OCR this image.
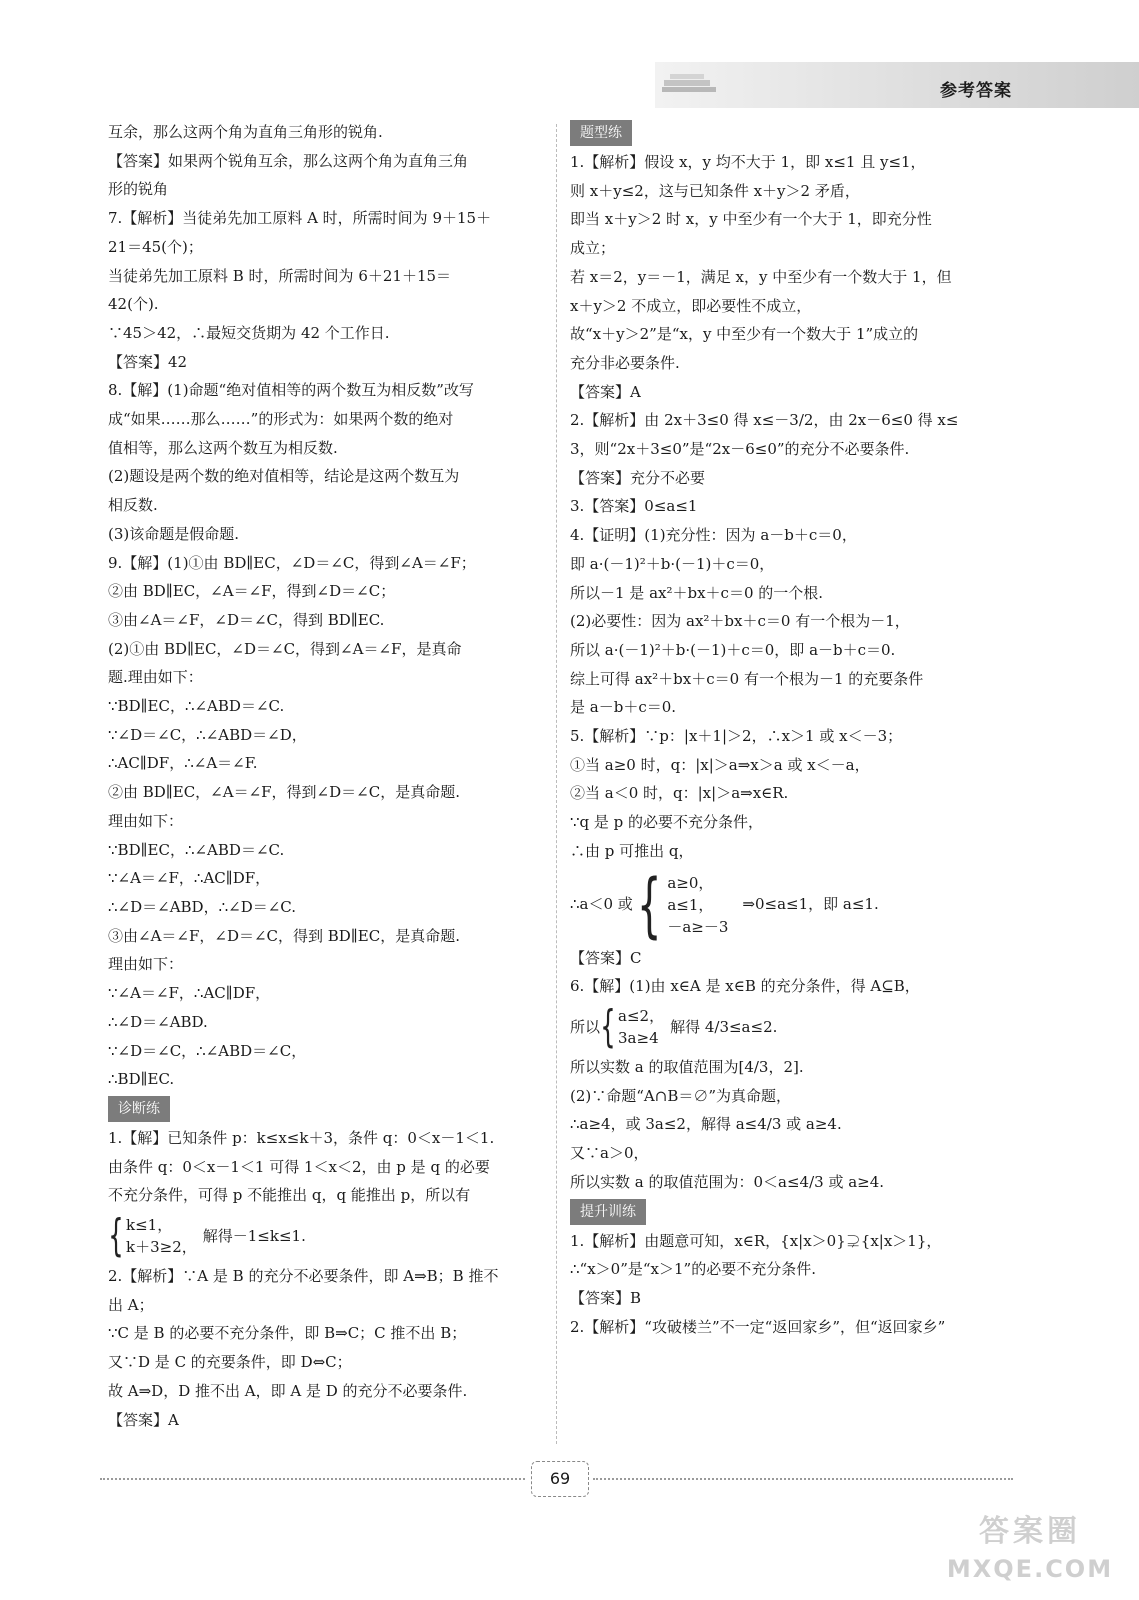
参考答案
互余，那么这两个角为直角三角形的锐角.
【答案】如果两个锐角互余，那么这两个角为直角三角
形的锐角
7.【解析】当徒弟先加工原料 A 时，所需时间为 9＋15＋
21＝45(个)；
当徒弟先加工原料 B 时，所需时间为 6＋21＋15＝
42(个).
∵45＞42，∴最短交货期为 42 个工作日.
【答案】42
8.【解】(1)命题“绝对值相等的两个数互为相反数”改写
成“如果……那么……”的形式为：如果两个数的绝对
值相等，那么这两个数互为相反数.
(2)题设是两个数的绝对值相等，结论是这两个数互为
相反数.
(3)该命题是假命题.
9.【解】(1)①由 BD∥EC，∠D＝∠C，得到∠A＝∠F；
②由 BD∥EC，∠A＝∠F，得到∠D＝∠C；
③由∠A＝∠F，∠D＝∠C，得到 BD∥EC.
(2)①由 BD∥EC，∠D＝∠C，得到∠A＝∠F，是真命
题.理由如下：
∵BD∥EC，∴∠ABD＝∠C.
∵∠D＝∠C，∴∠ABD＝∠D，
∴AC∥DF，∴∠A＝∠F.
②由 BD∥EC，∠A＝∠F，得到∠D＝∠C，是真命题.
理由如下：
∵BD∥EC，∴∠ABD＝∠C.
∵∠A＝∠F，∴AC∥DF，
∴∠D＝∠ABD，∴∠D＝∠C.
③由∠A＝∠F，∠D＝∠C，得到 BD∥EC，是真命题.
理由如下：
∵∠A＝∠F，∴AC∥DF，
∴∠D＝∠ABD.
∵∠D＝∠C，∴∠ABD＝∠C，
∴BD∥EC.
诊断练
1.【解】已知条件 p：k≤x≤k＋3，条件 q：0＜x－1＜1.
由条件 q：0＜x－1＜1 可得 1＜x＜2，由 p 是 q 的必要
不充分条件，可得 p 不能推出 q，q 能推出 p，所以有
{ k≤1，
k＋3≥2，
解得－1≤k≤1.
2.【解析】∵A 是 B 的充分不必要条件，即 A⇒B；B 推不
出 A；
∵C 是 B 的必要不充分条件，即 B⇒C；C 推不出 B；
又∵D 是 C 的充要条件，即 D⇔C；
故 A⇒D，D 推不出 A，即 A 是 D 的充分不必要条件.
【答案】A
题型练
1.【解析】假设 x，y 均不大于 1，即 x≤1 且 y≤1，
则 x＋y≤2，这与已知条件 x＋y＞2 矛盾，
即当 x＋y＞2 时 x，y 中至少有一个大于 1，即充分性
成立；
若 x＝2，y＝－1，满足 x，y 中至少有一个数大于 1，但
x＋y＞2 不成立，即必要性不成立，
故“x＋y＞2”是“x，y 中至少有一个数大于 1”成立的
充分非必要条件.
【答案】A
2.【解析】由 2x＋3≤0 得 x≤－3/2，由 2x－6≤0 得 x≤
3，则“2x＋3≤0”是“2x－6≤0”的充分不必要条件.
【答案】充分不必要
3.【答案】0≤a≤1
4.【证明】(1)充分性：因为 a－b＋c＝0，
即 a·(－1)²＋b·(－1)＋c＝0，
所以－1 是 ax²＋bx＋c＝0 的一个根.
(2)必要性：因为 ax²＋bx＋c＝0 有一个根为－1，
所以 a·(－1)²＋b·(－1)＋c＝0，即 a－b＋c＝0.
综上可得 ax²＋bx＋c＝0 有一个根为－1 的充要条件
是 a－b＋c＝0.
5.【解析】∵p：|x＋1|＞2，∴x＞1 或 x＜－3；
①当 a≥0 时，q：|x|＞a⇒x＞a 或 x＜－a，
②当 a＜0 时，q：|x|＞a⇒x∈R.
∵q 是 p 的必要不充分条件，
∴由 p 可推出 q，
∴a＜0 或 { a≥0，
a≤1，
－a≥－3
⇒0≤a≤1，即 a≤1.
【答案】C
6.【解】(1)由 x∈A 是 x∈B 的充分条件，得 A⊆B，
所以 { a≤2，
3a≥4
解得 4/3≤a≤2.
所以实数 a 的取值范围为[4/3，2].
(2)∵命题“A∩B＝∅”为真命题，
∴a≥4，或 3a≤2，解得 a≤4/3 或 a≥4.
又∵a＞0，
所以实数 a 的取值范围为：0＜a≤4/3 或 a≥4.
提升训练
1.【解析】由题意可知，x∈R，{x|x＞0}⊋{x|x＞1}，
∴“x＞0”是“x＞1”的必要不充分条件.
【答案】B
2.【解析】“攻破楼兰”不一定“返回家乡”，但“返回家乡”
69
答案圈
MXQE.COM
